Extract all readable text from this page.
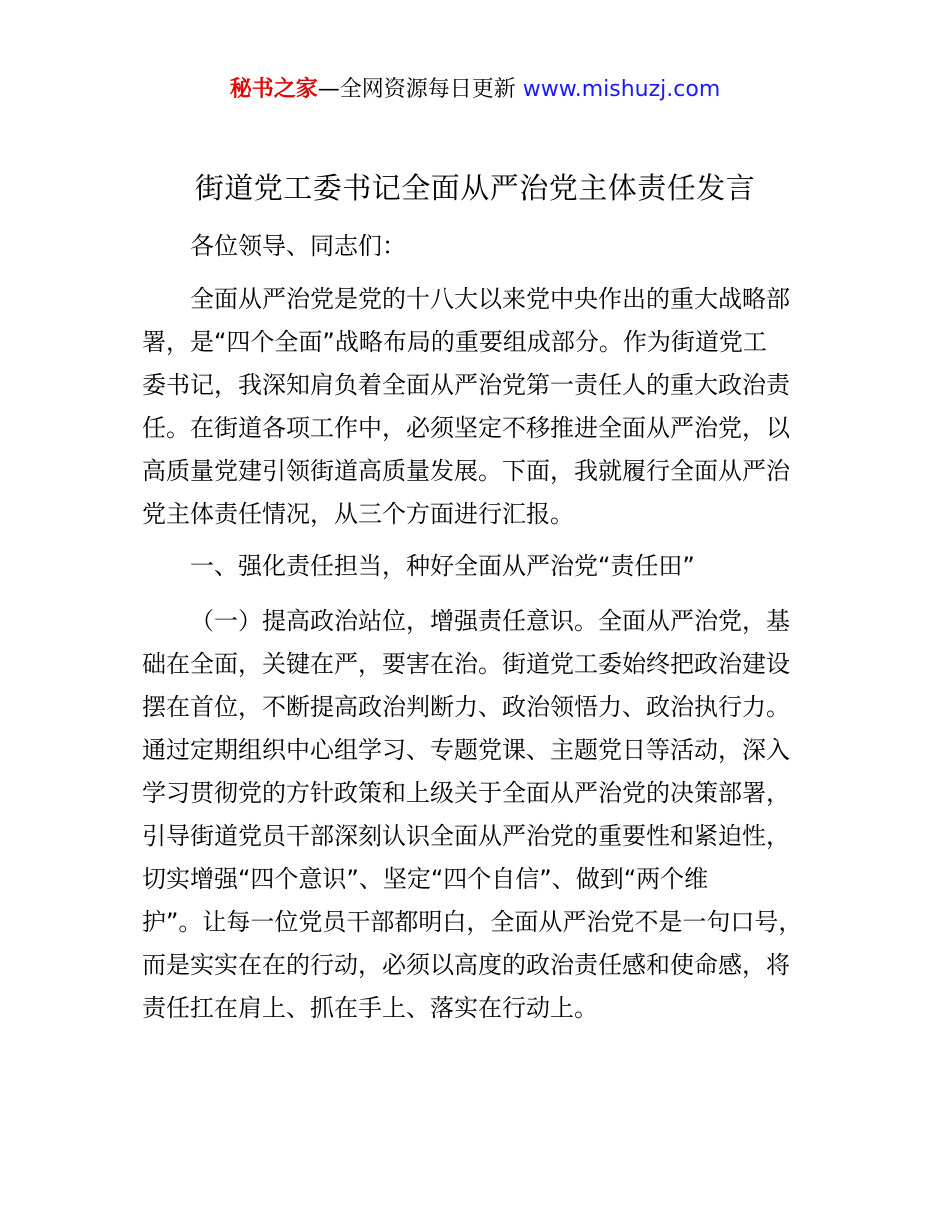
秘书之家—全网资源每日更新 www.mishuzj.com
街道党工委书记全面从严治党主体责任发言
各位领导、同志们：
全面从严治党是党的十八大以来党中央作出的重大战略部
署，是“四个全面”战略布局的重要组成部分。作为街道党工
委书记，我深知肩负着全面从严治党第一责任人的重大政治责
任。在街道各项工作中，必须坚定不移推进全面从严治党，以
高质量党建引领街道高质量发展。下面，我就履行全面从严治
党主体责任情况，从三个方面进行汇报。
一、强化责任担当，种好全面从严治党“责任田”
（一）提高政治站位，增强责任意识。全面从严治党，基
础在全面，关键在严，要害在治。街道党工委始终把政治建设
摆在首位，不断提高政治判断力、政治领悟力、政治执行力。
通过定期组织中心组学习、专题党课、主题党日等活动，深入
学习贯彻党的方针政策和上级关于全面从严治党的决策部署，
引导街道党员干部深刻认识全面从严治党的重要性和紧迫性，
切实增强“四个意识”、坚定“四个自信”、做到“两个维
护”。让每一位党员干部都明白，全面从严治党不是一句口号，
而是实实在在的行动，必须以高度的政治责任感和使命感，将
责任扛在肩上、抓在手上、落实在行动上。
